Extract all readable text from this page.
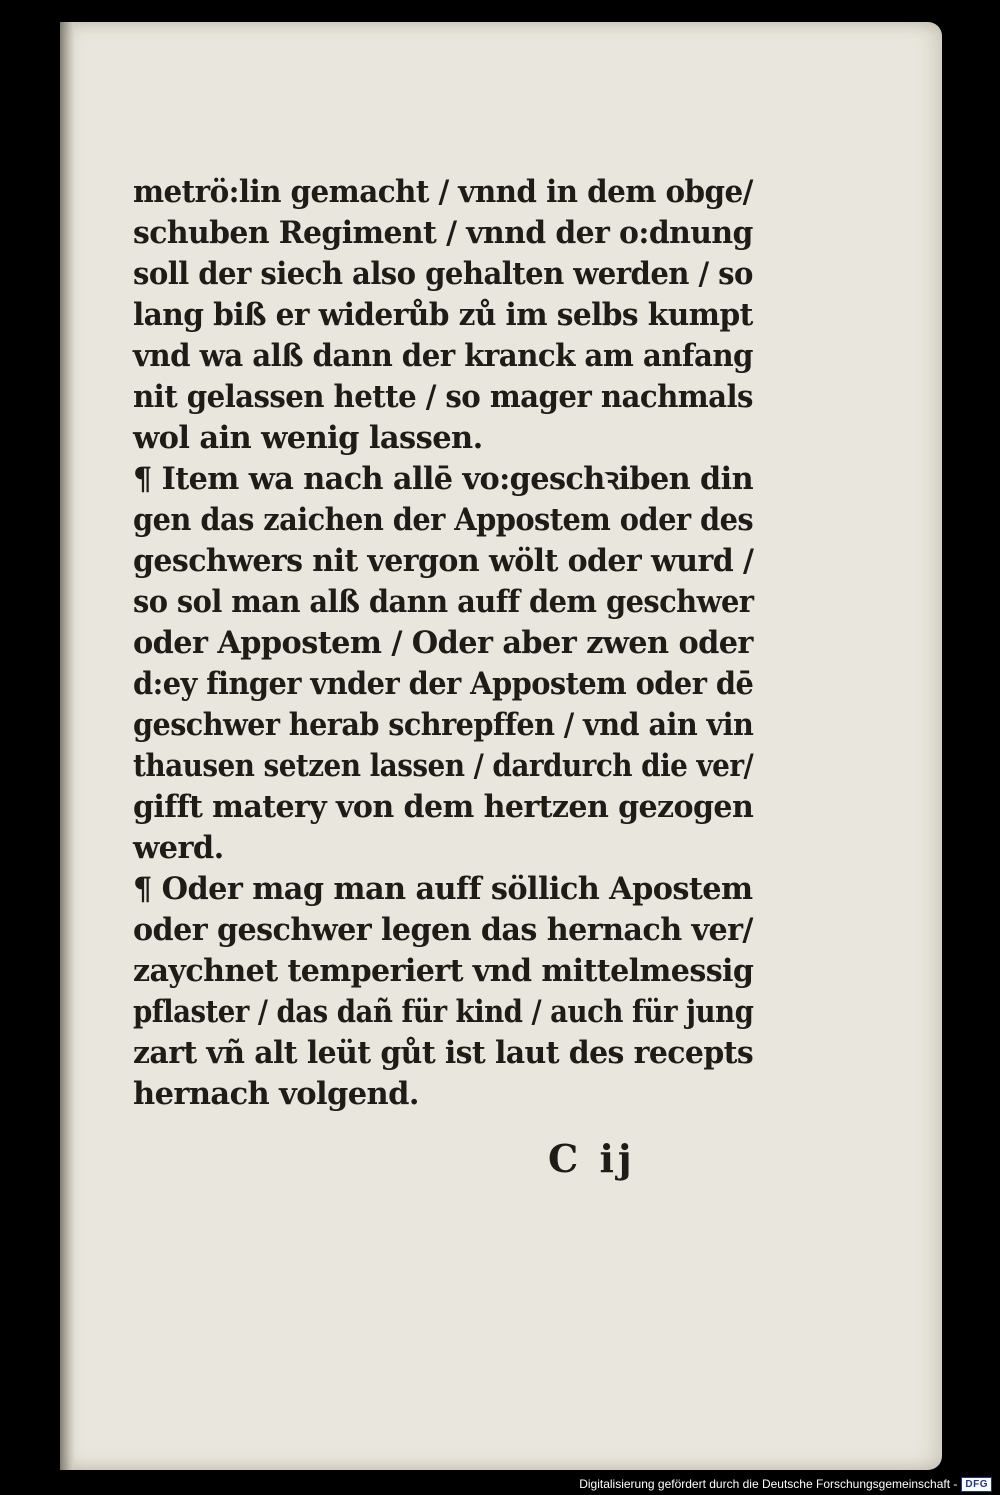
metrö:lin gemacht / vnnd in dem obge/
schuben Regiment / vnnd der o:dnung
soll der siech also gehalten werden / so
lang biß er widerůb zů im selbs kumpt
vnd wa alß dann der kranck am anfang
nit gelassen hette / so mager nachmals
wol ain wenig lassen.
¶ Item wa nach allē vo:geschꝛiben din
gen das zaichen der Appostem oder des
geschwers nit vergon wölt oder wurd /
so sol man alß dann auff dem geschwer
oder Appostem / Oder aber zwen oder
d:ey finger vnder der Appostem oder dē
geschwer herab schrepffen / vnd ain vin
thausen setzen lassen / dardurch die ver/
gifft matery von dem hertzen gezogen
werd.
¶ Oder mag man auff söllich Apostem
oder geschwer legen das hernach ver/
zaychnet temperiert vnd mittelmessig
pflaster / das dañ für kind / auch für jung
zart vñ alt leüt gůt ist laut des recepts
hernach volgend.
C ij
Digitalisierung gefördert durch die Deutsche Forschungsgemeinschaft - DFG
